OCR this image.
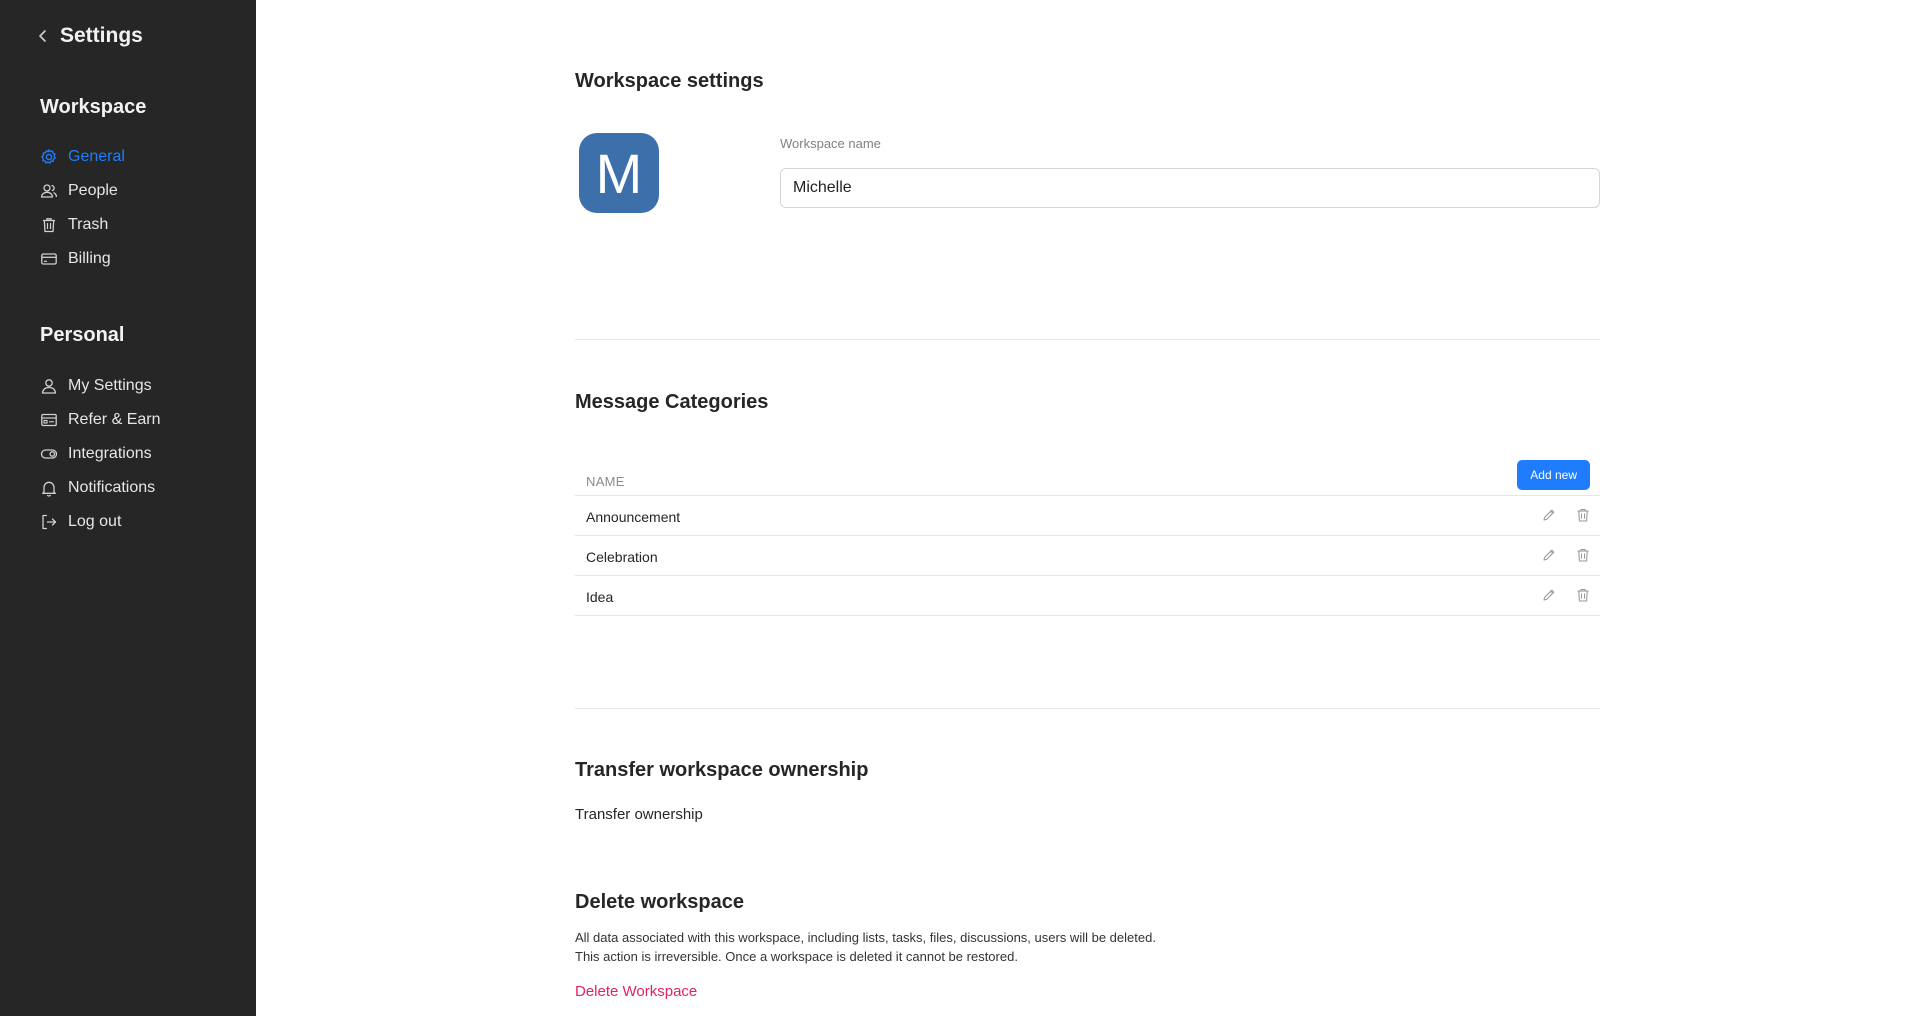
Settings
Workspace
General
People
Trash
Billing
Personal
My Settings
Refer & Earn
Integrations
Notifications
Log out
Workspace settings
M	Workspace name
Michelle
Message Categories
NAME	Add new
Announcement
Celebration
Idea
Transfer workspace ownership
Transfer ownership
Delete workspace
All data associated with this workspace, including lists, tasks, files, discussions, users will be deleted.
This action is irreversible. Once a workspace is deleted it cannot be restored.
Delete Workspace
